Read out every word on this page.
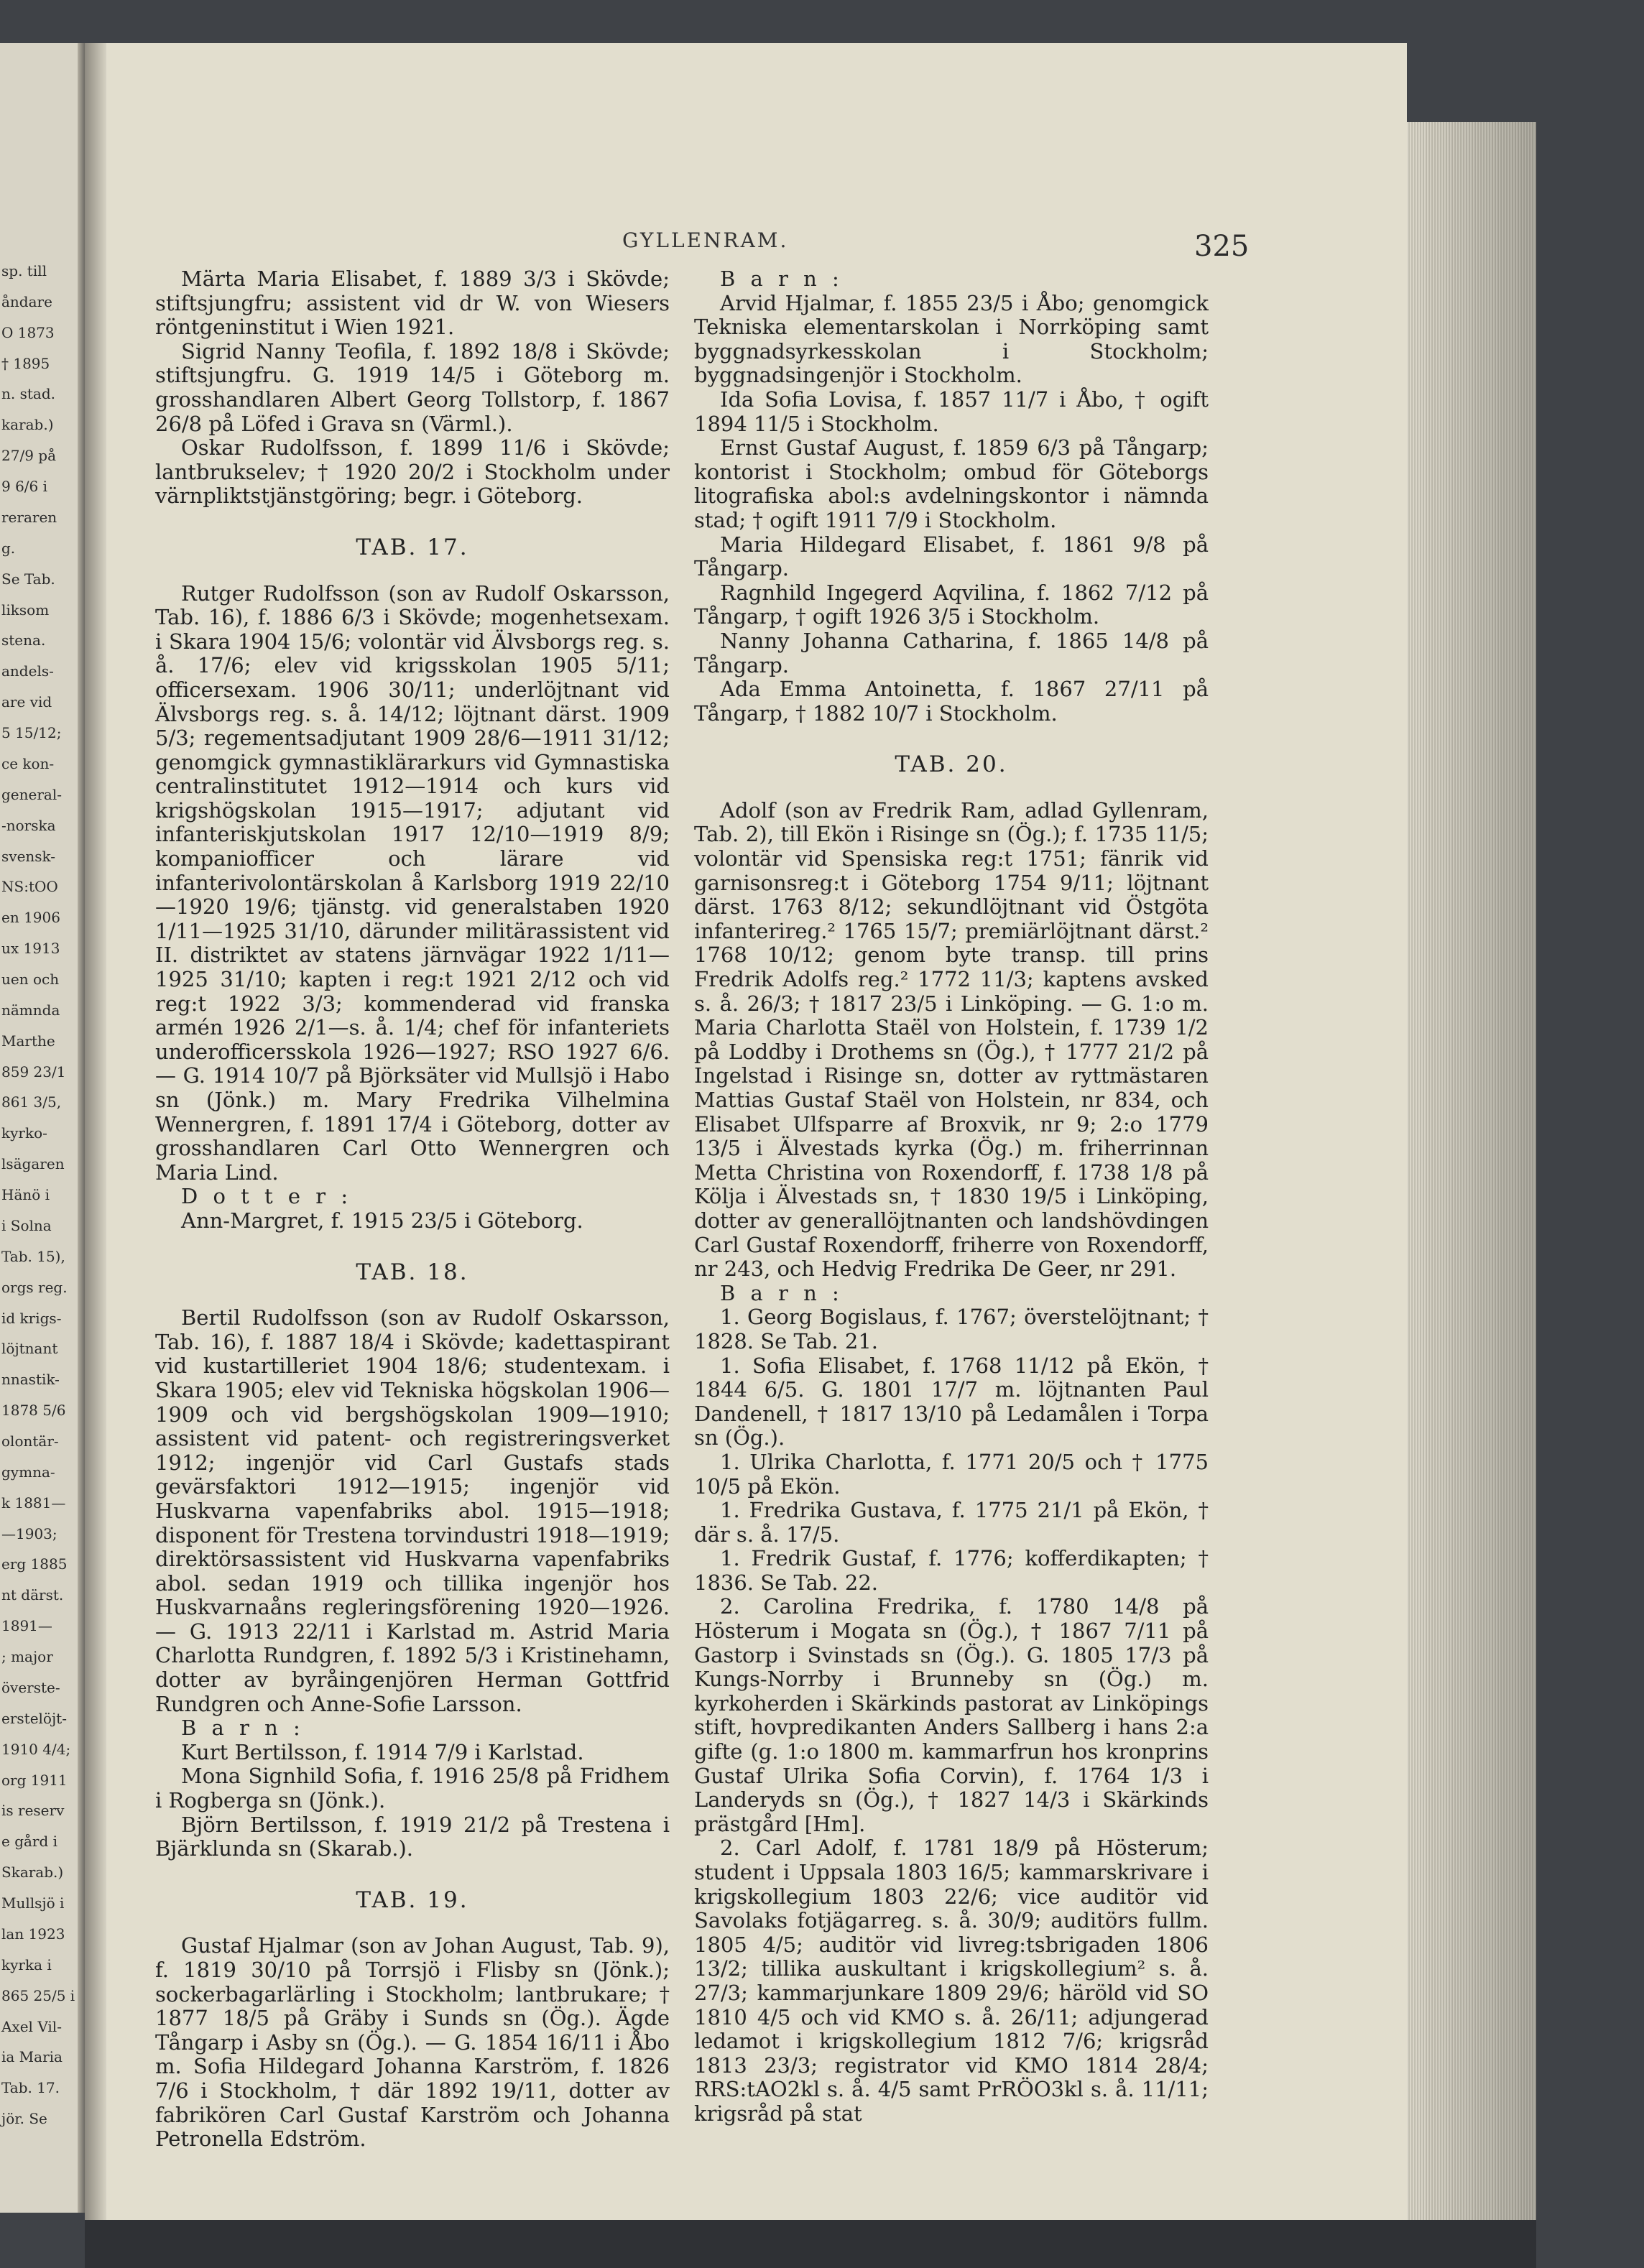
sp. till
åndare
O 1873
† 1895
n. stad.
karab.)
27/9 på
9 6/6 i
reraren
g.
Se Tab.
liksom
stena.
andels-
are vid
5 15/12;
ce kon-
general-
-norska
svensk-
NS:tOO
en 1906
ux 1913
uen och
nämnda
Marthe
859 23/1
861 3/5,
kyrko-
lsägaren
Hänö i
i Solna
Tab. 15),
orgs reg.
id krigs-
löjtnant
nnastik-
1878 5/6
olontär-
gymna-
k 1881—
—1903;
erg 1885
nt därst.
1891—
; major
överste-
erstelöjt-
1910 4/4;
org 1911
is reserv
e gård i
Skarab.)
Mullsjö i
lan 1923
kyrka i
865 25/5 i
Axel Vil-
ia Maria
Tab. 17.
jör. Se
GYLLENRAM.	325

Märta Maria Elisabet, f. 1889 3/3 i Skövde; stiftsjungfru; assistent vid dr W. von Wiesers röntgeninstitut i Wien 1921.

Sigrid Nanny Teofila, f. 1892 18/8 i Skövde; stiftsjungfru. G. 1919 14/5 i Göteborg m. grosshandlaren Albert Georg Tollstorp, f. 1867 26/8 på Löfed i Grava sn (Värml.).

Oskar Rudolfsson, f. 1899 11/6 i Skövde; lantbrukselev; † 1920 20/2 i Stockholm under värnpliktstjänstgöring; begr. i Göteborg.

TAB. 17.

Rutger Rudolfsson (son av Rudolf Oskarsson, Tab. 16), f. 1886 6/3 i Skövde; mogenhetsexam. i Skara 1904 15/6; volontär vid Älvsborgs reg. s. å. 17/6; elev vid krigsskolan 1905 5/11; officersexam. 1906 30/11; underlöjtnant vid Älvsborgs reg. s. å. 14/12; löjtnant därst. 1909 5/3; regementsadjutant 1909 28/6—1911 31/12; genomgick gymnastiklärarkurs vid Gymnastiska centralinstitutet 1912—1914 och kurs vid krigshögskolan 1915—1917; adjutant vid infanteriskjutskolan 1917 12/10—1919 8/9; kompaniofficer och lärare vid infanterivolontärskolan å Karlsborg 1919 22/10—1920 19/6; tjänstg. vid generalstaben 1920 1/11—1925 31/10, därunder militärassistent vid II. distriktet av statens järnvägar 1922 1/11—1925 31/10; kapten i reg:t 1921 2/12 och vid reg:t 1922 3/3; kommenderad vid franska armén 1926 2/1—s. å. 1/4; chef för infanteriets underofficersskola 1926—1927; RSO 1927 6/6. — G. 1914 10/7 på Björksäter vid Mullsjö i Habo sn (Jönk.) m. Mary Fredrika Vilhelmina Wennergren, f. 1891 17/4 i Göteborg, dotter av grosshandlaren Carl Otto Wennergren och Maria Lind.

D o t t e r :

Ann-Margret, f. 1915 23/5 i Göteborg.

TAB. 18.

Bertil Rudolfsson (son av Rudolf Oskarsson, Tab. 16), f. 1887 18/4 i Skövde; kadettaspirant vid kustartilleriet 1904 18/6; studentexam. i Skara 1905; elev vid Tekniska högskolan 1906—1909 och vid bergshögskolan 1909—1910; assistent vid patent- och registreringsverket 1912; ingenjör vid Carl Gustafs stads gevärsfaktori 1912—1915; ingenjör vid Huskvarna vapenfabriks abol. 1915—1918; disponent för Trestena torvindustri 1918—1919; direktörsassistent vid Huskvarna vapenfabriks abol. sedan 1919 och tillika ingenjör hos Huskvarnaåns regleringsförening 1920—1926. — G. 1913 22/11 i Karlstad m. Astrid Maria Charlotta Rundgren, f. 1892 5/3 i Kristinehamn, dotter av byråingenjören Herman Gottfrid Rundgren och Anne-Sofie Larsson.

B a r n :

Kurt Bertilsson, f. 1914 7/9 i Karlstad.

Mona Signhild Sofia, f. 1916 25/8 på Fridhem i Rogberga sn (Jönk.).

Björn Bertilsson, f. 1919 21/2 på Trestena i Bjärklunda sn (Skarab.).

TAB. 19.

Gustaf Hjalmar (son av Johan August, Tab. 9), f. 1819 30/10 på Torrsjö i Flisby sn (Jönk.); sockerbagarlärling i Stockholm; lantbrukare; † 1877 18/5 på Gräby i Sunds sn (Ög.). Ägde Tångarp i Asby sn (Ög.). — G. 1854 16/11 i Åbo m. Sofia Hildegard Johanna Karström, f. 1826 7/6 i Stockholm, † där 1892 19/11, dotter av fabrikören Carl Gustaf Karström och Johanna Petronella Edström.

B a r n :

Arvid Hjalmar, f. 1855 23/5 i Åbo; genomgick Tekniska elementarskolan i Norrköping samt byggnadsyrkesskolan i Stockholm; byggnadsingenjör i Stockholm.

Ida Sofia Lovisa, f. 1857 11/7 i Åbo, † ogift 1894 11/5 i Stockholm.

Ernst Gustaf August, f. 1859 6/3 på Tångarp; kontorist i Stockholm; ombud för Göteborgs litografiska abol:s avdelningskontor i nämnda stad; † ogift 1911 7/9 i Stockholm.

Maria Hildegard Elisabet, f. 1861 9/8 på Tångarp.

Ragnhild Ingegerd Aqvilina, f. 1862 7/12 på Tångarp, † ogift 1926 3/5 i Stockholm.

Nanny Johanna Catharina, f. 1865 14/8 på Tångarp.

Ada Emma Antoinetta, f. 1867 27/11 på Tångarp, † 1882 10/7 i Stockholm.

TAB. 20.

Adolf (son av Fredrik Ram, adlad Gyllenram, Tab. 2), till Ekön i Risinge sn (Ög.); f. 1735 11/5; volontär vid Spensiska reg:t 1751; fänrik vid garnisonsreg:t i Göteborg 1754 9/11; löjtnant därst. 1763 8/12; sekundlöjtnant vid Östgöta infanterireg.² 1765 15/7; premiärlöjtnant därst.² 1768 10/12; genom byte transp. till prins Fredrik Adolfs reg.² 1772 11/3; kaptens avsked s. å. 26/3; † 1817 23/5 i Linköping. — G. 1:o m. Maria Charlotta Staël von Holstein, f. 1739 1/2 på Loddby i Drothems sn (Ög.), † 1777 21/2 på Ingelstad i Risinge sn, dotter av ryttmästaren Mattias Gustaf Staël von Holstein, nr 834, och Elisabet Ulfsparre af Broxvik, nr 9; 2:o 1779 13/5 i Älvestads kyrka (Ög.) m. friherrinnan Metta Christina von Roxendorff, f. 1738 1/8 på Kölja i Älvestads sn, † 1830 19/5 i Linköping, dotter av generallöjtnanten och landshövdingen Carl Gustaf Roxendorff, friherre von Roxendorff, nr 243, och Hedvig Fredrika De Geer, nr 291.

B a r n :

1. Georg Bogislaus, f. 1767; överstelöjtnant; † 1828. Se Tab. 21.

1. Sofia Elisabet, f. 1768 11/12 på Ekön, † 1844 6/5. G. 1801 17/7 m. löjtnanten Paul Dandenell, † 1817 13/10 på Ledamålen i Torpa sn (Ög.).

1. Ulrika Charlotta, f. 1771 20/5 och † 1775 10/5 på Ekön.

1. Fredrika Gustava, f. 1775 21/1 på Ekön, † där s. å. 17/5.

1. Fredrik Gustaf, f. 1776; kofferdikapten; † 1836. Se Tab. 22.

2. Carolina Fredrika, f. 1780 14/8 på Hösterum i Mogata sn (Ög.), † 1867 7/11 på Gastorp i Svinstads sn (Ög.). G. 1805 17/3 på Kungs-Norrby i Brunneby sn (Ög.) m. kyrkoherden i Skärkinds pastorat av Linköpings stift, hovpredikanten Anders Sallberg i hans 2:a gifte (g. 1:o 1800 m. kammarfrun hos kronprins Gustaf Ulrika Sofia Corvin), f. 1764 1/3 i Landeryds sn (Ög.), † 1827 14/3 i Skärkinds prästgård [Hm].

2. Carl Adolf, f. 1781 18/9 på Hösterum; student i Uppsala 1803 16/5; kammarskrivare i krigskollegium 1803 22/6; vice auditör vid Savolaks fotjägarreg. s. å. 30/9; auditörs fullm. 1805 4/5; auditör vid livreg:tsbrigaden 1806 13/2; tillika auskultant i krigskollegium² s. å. 27/3; kammarjunkare 1809 29/6; häröld vid SO 1810 4/5 och vid KMO s. å. 26/11; adjungerad ledamot i krigskollegium 1812 7/6; krigsråd 1813 23/3; registrator vid KMO 1814 28/4; RRS:tAO2kl s. å. 4/5 samt PrRÖO3kl s. å. 11/11; krigsråd på stat
